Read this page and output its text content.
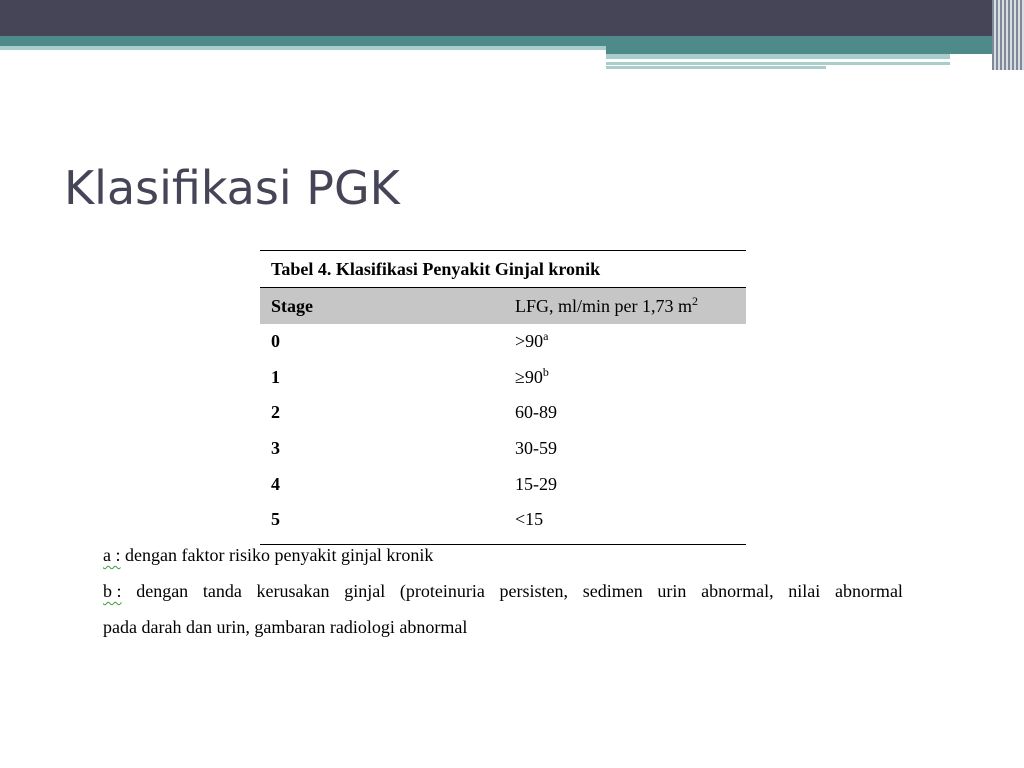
Klasifikasi PGK
Tabel 4. Klasifikasi Penyakit Ginjal kronik
Stage	LFG, ml/min per 1,73 $m^2$
0	$>90^a$
1	$\ge 90^b$
2	60-89
3	30-59
4	15-29
5	<15
a : dengan faktor risiko penyakit ginjal kronik
b : dengan tanda kerusakan ginjal (proteinuria persisten, sedimen urin abnormal, nilai abnormal
pada darah dan urin, gambaran radiologi abnormal
